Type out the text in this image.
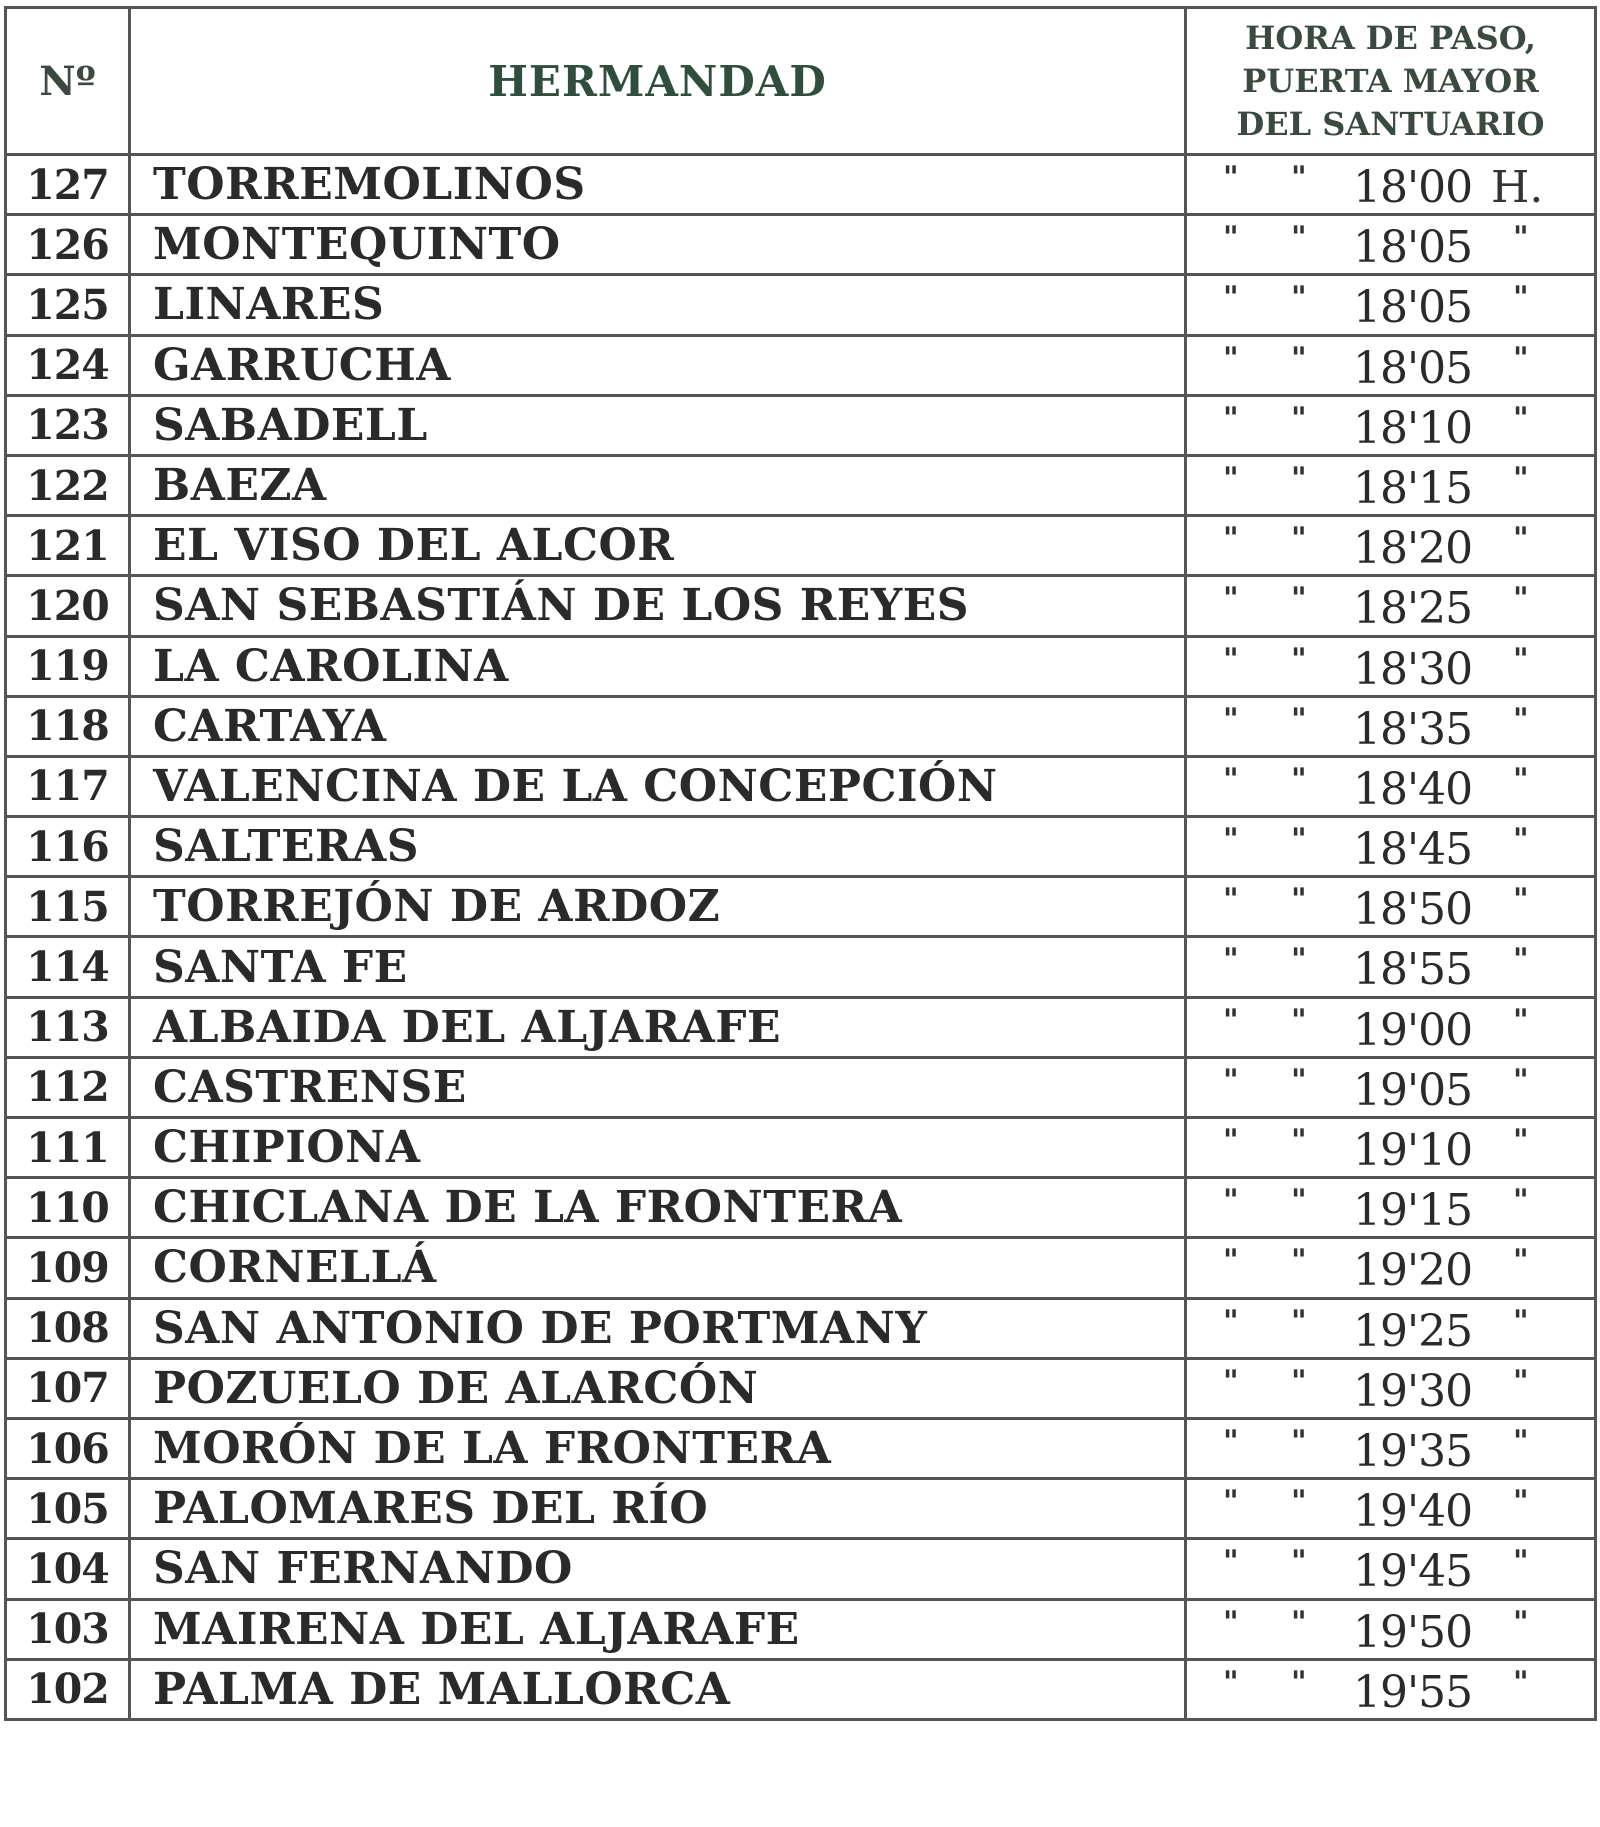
Nº	HERMANDAD	HORA DE PASO,
PUERTA MAYOR
DEL SANTUARIO

127	TORREMOLINOS	" " 18'00 H.

126	MONTEQUINTO	" " 18'05 "

125	LINARES	" " 18'05 "

124	GARRUCHA	" " 18'05 "

123	SABADELL	" " 18'10 "

122	BAEZA	" " 18'15 "

121	EL VISO DEL ALCOR	" " 18'20 "

120	SAN SEBASTIÁN DE LOS REYES	" " 18'25 "

119	LA CAROLINA	" " 18'30 "

118	CARTAYA	" " 18'35 "

117	VALENCINA DE LA CONCEPCIÓN	" " 18'40 "

116	SALTERAS	" " 18'45 "

115	TORREJÓN DE ARDOZ	" " 18'50 "

114	SANTA FE	" " 18'55 "

113	ALBAIDA DEL ALJARAFE	" " 19'00 "

112	CASTRENSE	" " 19'05 "

111	CHIPIONA	" " 19'10 "

110	CHICLANA DE LA FRONTERA	" " 19'15 "

109	CORNELLÁ	" " 19'20 "

108	SAN ANTONIO DE PORTMANY	" " 19'25 "

107	POZUELO DE ALARCÓN	" " 19'30 "

106	MORÓN DE LA FRONTERA	" " 19'35 "

105	PALOMARES DEL RÍO	" " 19'40 "

104	SAN FERNANDO	" " 19'45 "

103	MAIRENA DEL ALJARAFE	" " 19'50 "

102	PALMA DE MALLORCA	" " 19'55 "
